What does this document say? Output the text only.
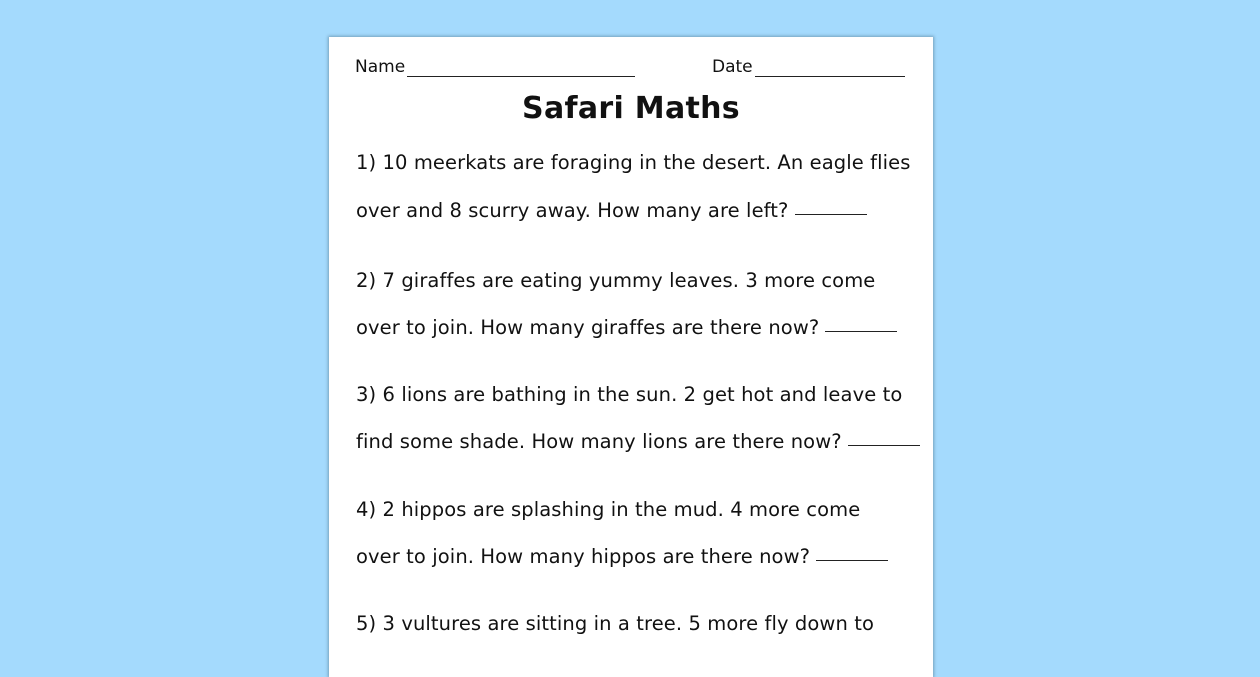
Name	Date
Safari Maths
1) 10 meerkats are foraging in the desert. An eagle flies
over and 8 scurry away. How many are left?
2) 7 giraffes are eating yummy leaves. 3 more come
over to join. How many giraffes are there now?
3) 6 lions are bathing in the sun. 2 get hot and leave to
find some shade. How many lions are there now?
4) 2 hippos are splashing in the mud. 4 more come
over to join. How many hippos are there now?
5) 3 vultures are sitting in a tree. 5 more fly down to
